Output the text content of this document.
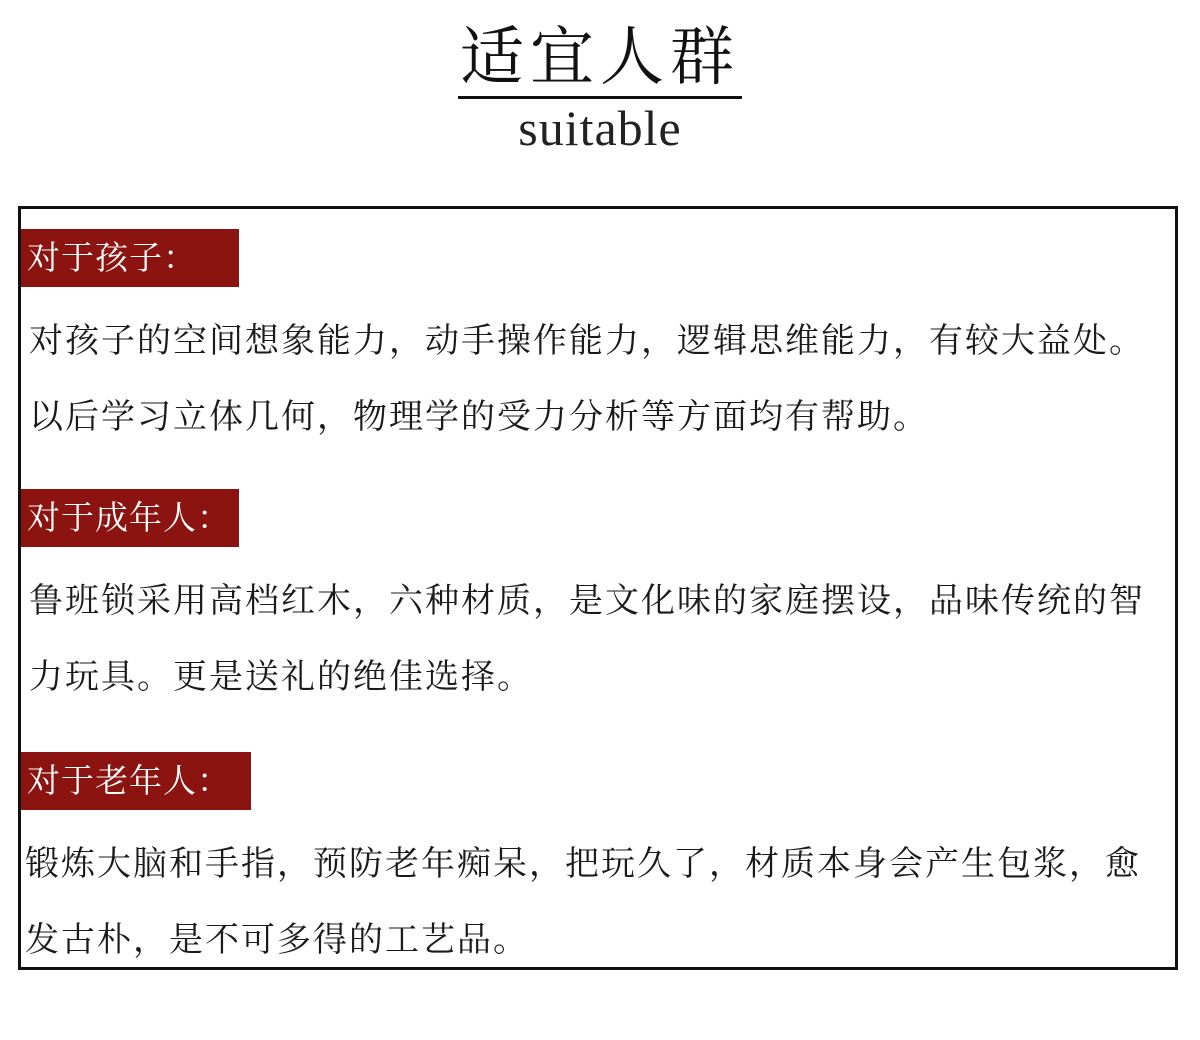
适宜人群
suitable
对于孩子：
对孩子的空间想象能力，动手操作能力，逻辑思维能力，有较大益处。以后学习立体几何，物理学的受力分析等方面均有帮助。
对于成年人：
鲁班锁采用高档红木，六种材质，是文化味的家庭摆设，品味传统的智力玩具。更是送礼的绝佳选择。
对于老年人：
锻炼大脑和手指，预防老年痴呆，把玩久了，材质本身会产生包浆，愈发古朴，是不可多得的工艺品。
